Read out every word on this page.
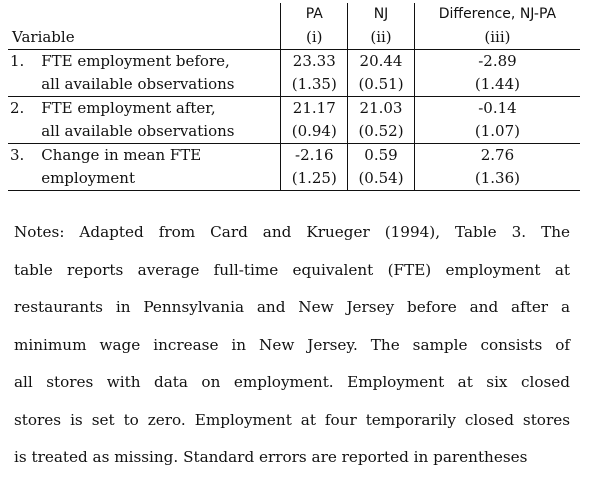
		PA	NJ	Difference, NJ-PA
Variable		(i)	(ii)	(iii)
1.	FTE employment before,	23.33	20.44	-2.89
	all available observations	(1.35)	(0.51)	(1.44)
2.	FTE employment after,	21.17	21.03	-0.14
	all available observations	(0.94)	(0.52)	(1.07)
3.	Change in mean FTE	-2.16	0.59	2.76
	employment	(1.25)	(0.54)	(1.36)

Notes: Adapted from Card and Krueger (1994), Table 3. The
table reports average full-time equivalent (FTE) employment at
restaurants in Pennsylvania and New Jersey before and after a
minimum wage increase in New Jersey. The sample consists of
all stores with data on employment. Employment at six closed
stores is set to zero. Employment at four temporarily closed stores
is treated as missing. Standard errors are reported in parentheses
